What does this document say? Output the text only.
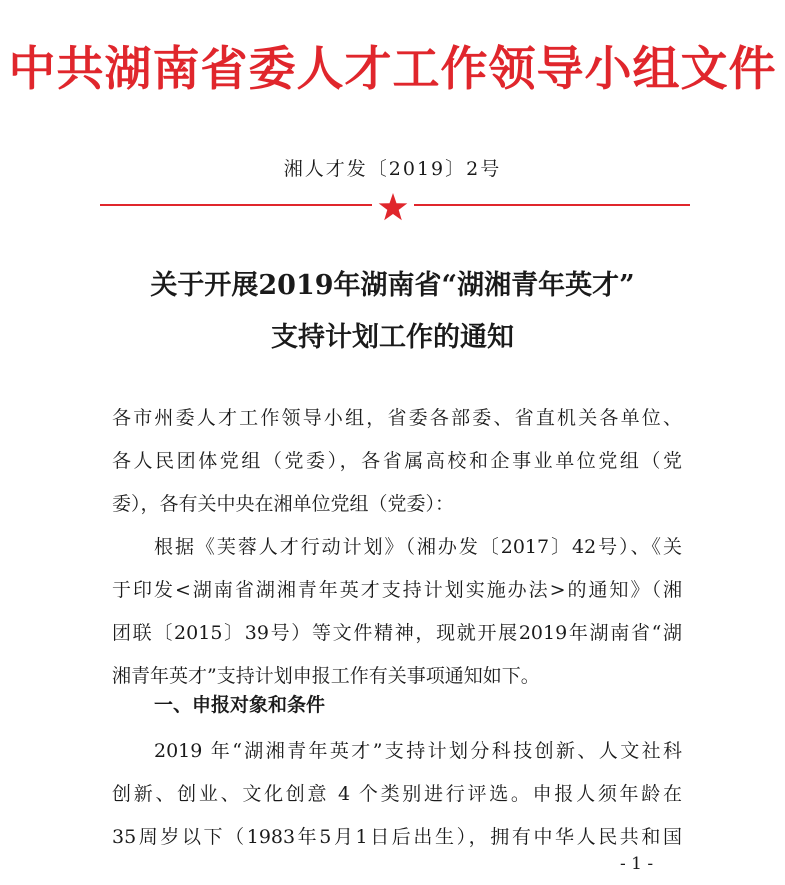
中共湖南省委人才工作领导小组文件
湘人才发〔2019〕2号
关于开展2019年湖南省“湖湘青年英才”
支持计划工作的通知
各市州委人才工作领导小组，省委各部委、省直机关各单位、
各人民团体党组（党委），各省属高校和企事业单位党组（党
委），各有关中央在湘单位党组（党委）：
根据《芙蓉人才行动计划》（湘办发〔2017〕42号）、《关
于印发<湖南省湖湘青年英才支持计划实施办法>的通知》（湘
团联〔2015〕39号）等文件精神，现就开展2019年湖南省“湖
湘青年英才”支持计划申报工作有关事项通知如下。
一、申报对象和条件
2019 年“湖湘青年英才”支持计划分科技创新、人文社科
创新、创业、文化创意 4 个类别进行评选。申报人须年龄在
35周岁以下（1983年5月1日后出生），拥有中华人民共和国
- 1 -
